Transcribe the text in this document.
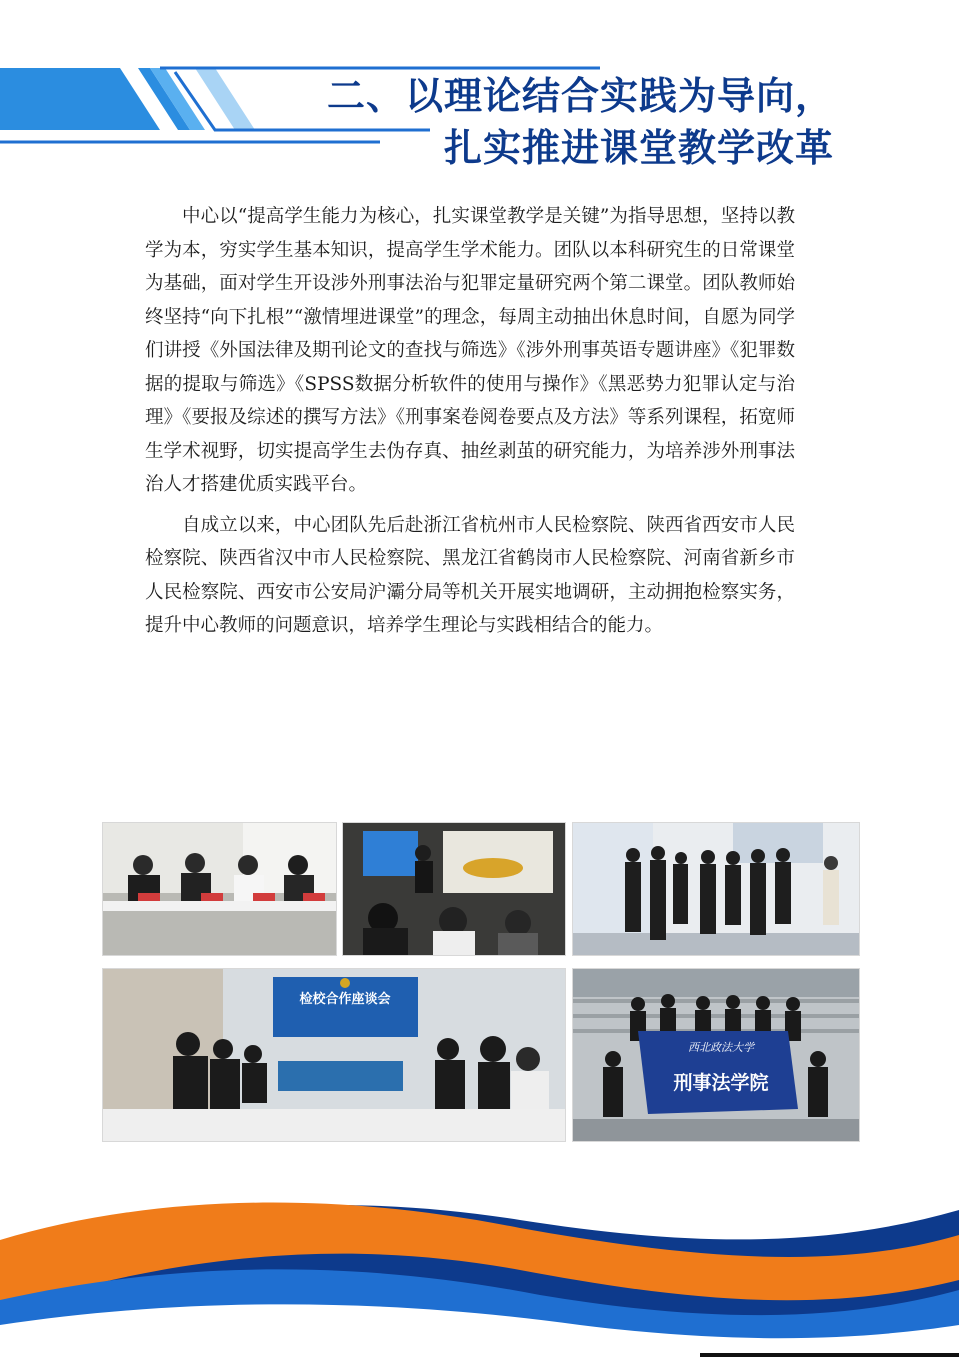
二、以理论结合实践为导向，
扎实推进课堂教学改革

中心以“提高学生能力为核心，扎实课堂教学是关键”为指导思想，坚持以教学为本，穷实学生基本知识，提高学生学术能力。团队以本科研究生的日常课堂为基础，面对学生开设涉外刑事法治与犯罪定量研究两个第二课堂。团队教师始终坚持“向下扎根”“激情埋进课堂”的理念，每周主动抽出休息时间，自愿为同学们讲授《外国法律及期刊论文的查找与筛选》《涉外刑事英语专题讲座》《犯罪数据的提取与筛选》《SPSS数据分析软件的使用与操作》《黑恶势力犯罪认定与治理》《要报及综述的撰写方法》《刑事案卷阅卷要点及方法》等系列课程，拓宽师生学术视野，切实提高学生去伪存真、抽丝剥茧的研究能力，为培养涉外刑事法治人才搭建优质实践平台。

自成立以来，中心团队先后赴浙江省杭州市人民检察院、陕西省西安市人民检察院、陕西省汉中市人民检察院、黑龙江省鹤岗市人民检察院、河南省新乡市人民检察院、西安市公安局沪灞分局等机关开展实地调研，主动拥抱检察实务，提升中心教师的问题意识，培养学生理论与实践相结合的能力。

检校合作座谈会
西北政法大学
刑事法学院
